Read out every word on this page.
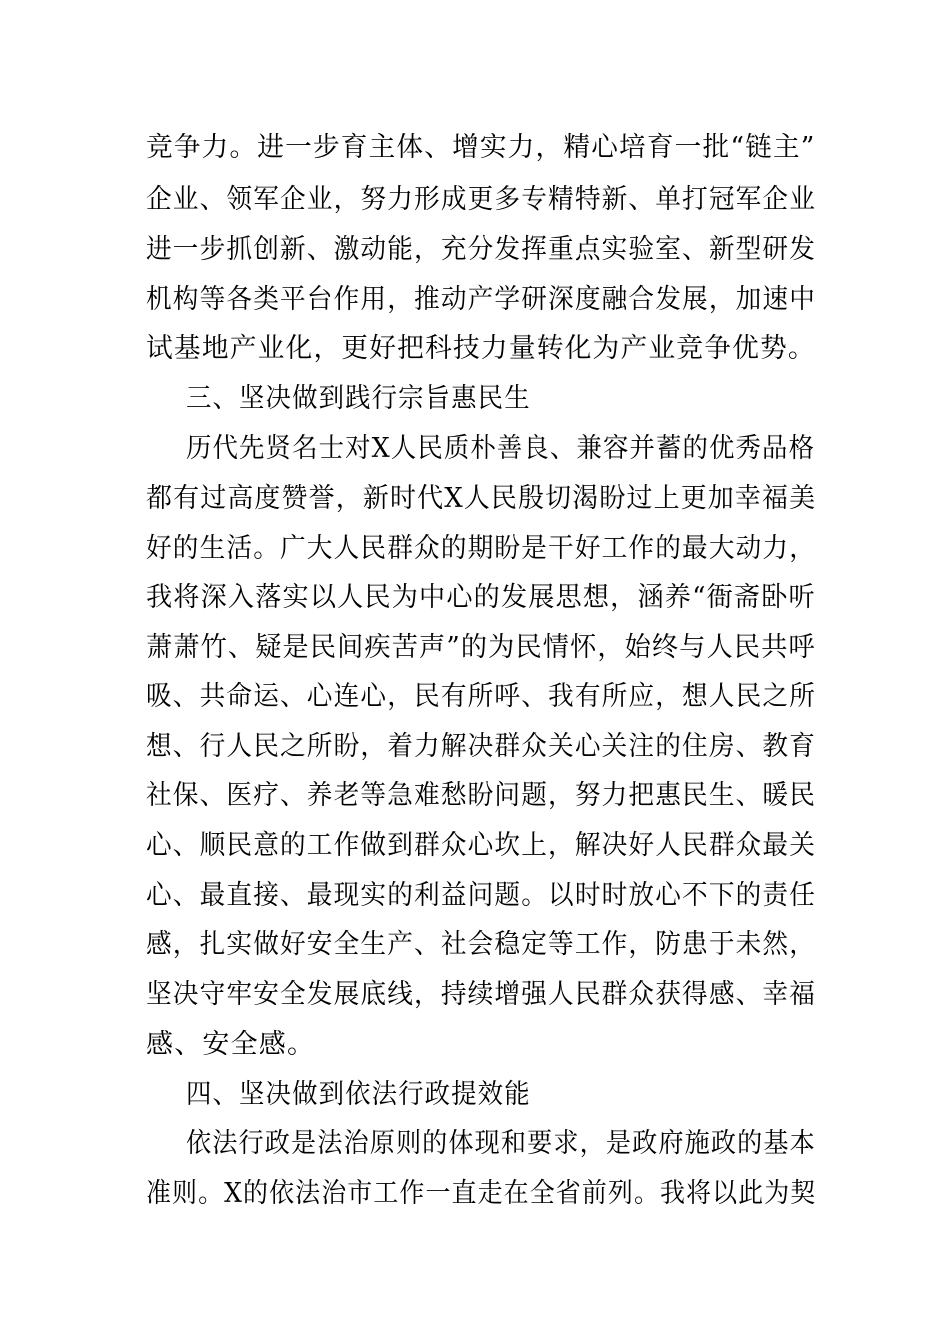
竞争力。进一步育主体、增实力，精心培育一批“链主”
企业、领军企业，努力形成更多专精特新、单打冠军企业
进一步抓创新、激动能，充分发挥重点实验室、新型研发
机构等各类平台作用，推动产学研深度融合发展，加速中
试基地产业化，更好把科技力量转化为产业竞争优势。
三、坚决做到践行宗旨惠民生
历代先贤名士对X人民质朴善良、兼容并蓄的优秀品格
都有过高度赞誉，新时代X人民殷切渴盼过上更加幸福美
好的生活。广大人民群众的期盼是干好工作的最大动力，
我将深入落实以人民为中心的发展思想，涵养“衙斋卧听
萧萧竹、疑是民间疾苦声”的为民情怀，始终与人民共呼
吸、共命运、心连心，民有所呼、我有所应，想人民之所
想、行人民之所盼，着力解决群众关心关注的住房、教育
社保、医疗、养老等急难愁盼问题，努力把惠民生、暖民
心、顺民意的工作做到群众心坎上，解决好人民群众最关
心、最直接、最现实的利益问题。以时时放心不下的责任
感，扎实做好安全生产、社会稳定等工作，防患于未然，
坚决守牢安全发展底线，持续增强人民群众获得感、幸福
感、安全感。
四、坚决做到依法行政提效能
依法行政是法治原则的体现和要求，是政府施政的基本
准则。X的依法治市工作一直走在全省前列。我将以此为契
